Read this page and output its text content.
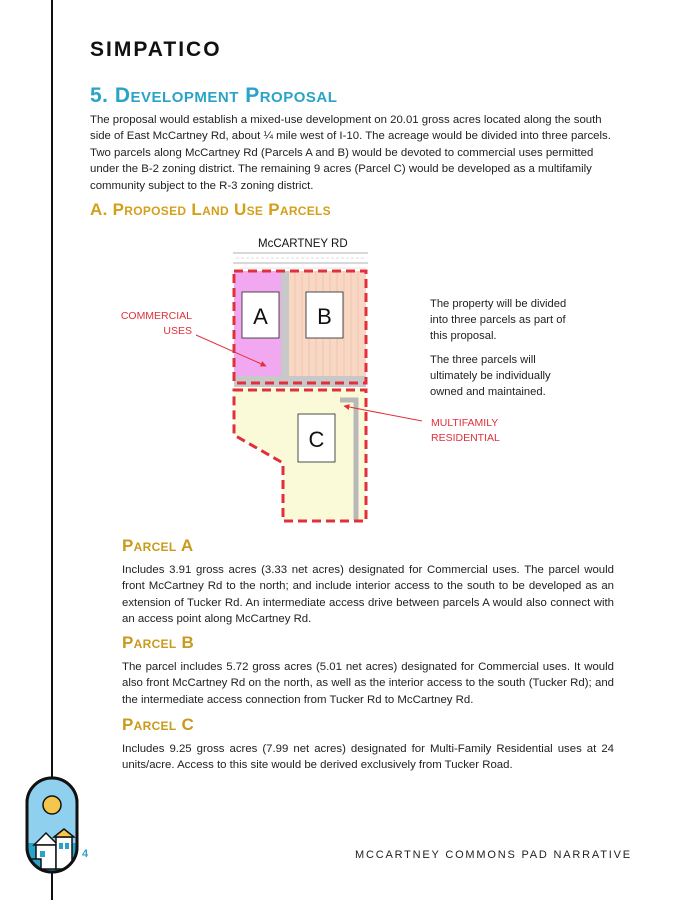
SIMPATICO
5. Development Proposal

The proposal would establish a mixed-use development on 20.01 gross acres located along the south side of East McCartney Rd, about ¼ mile west of I-10. The acreage would be divided into three parcels. Two parcels along McCartney Rd (Parcels A and B) would be devoted to commercial uses permitted under the B-2 zoning district. The remaining 9 acres (Parcel C) would be developed as a multifamily community subject to the R-3 zoning district.

A. Proposed Land Use Parcels
McCARTNEY RD
A B
C

COMMERCIAL
USES

MULTIFAMILY
RESIDENTIAL

The property will be divided into three parcels as part of this proposal.

The three parcels will ultimately be individually owned and maintained.

Parcel A

Includes 3.91 gross acres (3.33 net acres) designated for Commercial uses. The parcel would front McCartney Rd to the north; and include interior access to the south to be developed as an extension of Tucker Rd. An intermediate access drive between parcels A would also connect with an access point along McCartney Rd.

Parcel B

The parcel includes 5.72 gross acres (5.01 net acres) designated for Commercial uses. It would also front McCartney Rd on the north, as well as the interior access to the south (Tucker Rd); and the intermediate access connection from Tucker Rd to McCartney Rd.

Parcel C

Includes 9.25 gross acres (7.99 net acres) designated for Multi-Family Residential uses at 24 units/acre. Access to this site would be derived exclusively from Tucker Road.

4	MCCARTNEY COMMONS PAD NARRATIVE
